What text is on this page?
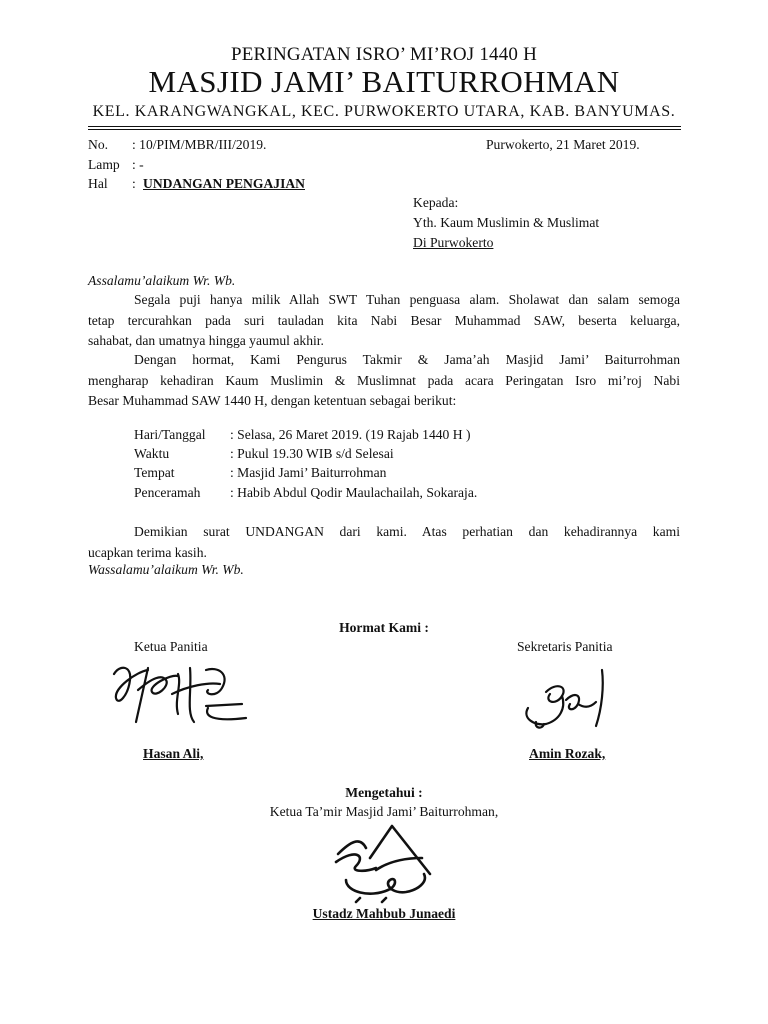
PERINGATAN ISRO’ MI’ROJ 1440 H
MASJID JAMI’ BAITURROHMAN
KEL. KARANGWANGKAL, KEC. PURWOKERTO UTARA, KAB. BANYUMAS.
No. : 10/PIM/MBR/III/2019.	Purwokerto, 21 Maret 2019.
Lamp : -
Hal : UNDANGAN PENGAJIAN
Kepada:
Yth. Kaum Muslimin & Muslimat
Di Purwokerto
Assalamu’alaikum Wr. Wb.
Segala puji hanya milik Allah SWT Tuhan penguasa alam. Sholawat dan salam semoga
tetap tercurahkan pada suri tauladan kita Nabi Besar Muhammad SAW, beserta keluarga,
sahabat, dan umatnya hingga yaumul akhir.
Dengan hormat, Kami Pengurus Takmir & Jama’ah Masjid Jami’ Baiturrohman
mengharap kehadiran Kaum Muslimin & Muslimnat pada acara Peringatan Isro mi’roj Nabi
Besar Muhammad SAW 1440 H, dengan ketentuan sebagai berikut:
Hari/Tanggal : Selasa, 26 Maret 2019. (19 Rajab 1440 H )
Waktu	: Pukul 19.30 WIB s/d Selesai
Tempat	: Masjid Jami’ Baiturrohman
Penceramah : Habib Abdul Qodir Maulachailah, Sokaraja.
Demikian surat UNDANGAN dari kami. Atas perhatian dan kehadirannya kami
ucapkan terima kasih.
Wassalamu’alaikum Wr. Wb.
Hormat Kami :
Ketua Panitia	Sekretaris Panitia
Hasan Ali,	Amin Rozak,
Mengetahui :
Ketua Ta’mir Masjid Jami’ Baiturrohman,
Ustadz Mahbub Junaedi
